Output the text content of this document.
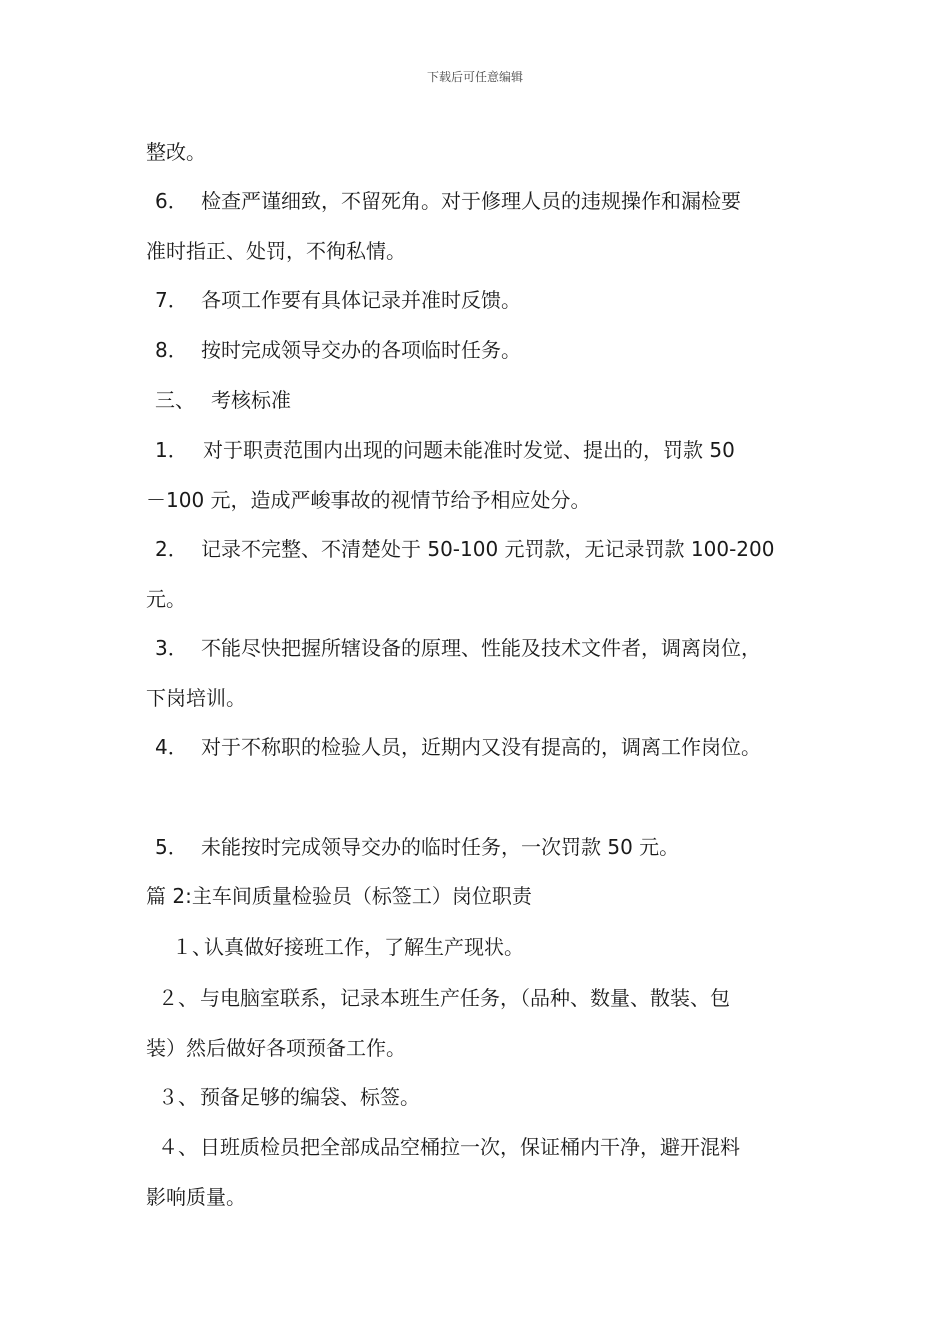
下载后可任意编辑
整改。
6． 检查严谨细致，不留死角。对于修理人员的违规操作和漏检要
准时指正、处罚，不徇私情。
7． 各项工作要有具体记录并准时反馈。
8． 按时完成领导交办的各项临时任务。
三、 考核标准
1． 对于职责范围内出现的问题未能准时发觉、提出的，罚款 50
－100 元，造成严峻事故的视情节给予相应处分。
2． 记录不完整、不清楚处于 50-100 元罚款，无记录罚款 100-200
元。
3． 不能尽快把握所辖设备的原理、性能及技术文件者，调离岗位，
下岗培训。
4． 对于不称职的检验人员，近期内又没有提高的，调离工作岗位。
5． 未能按时完成领导交办的临时任务，一次罚款 50 元。
篇 2:主车间质量检验员（标签工）岗位职责
１、认真做好接班工作，了解生产现状。
２、 与电脑室联系，记录本班生产任务，（品种、数量、散装、包
装）然后做好各项预备工作。
３、 预备足够的编袋、标签。
４、 日班质检员把全部成品空桶拉一次，保证桶内干净，避开混料
影响质量。
